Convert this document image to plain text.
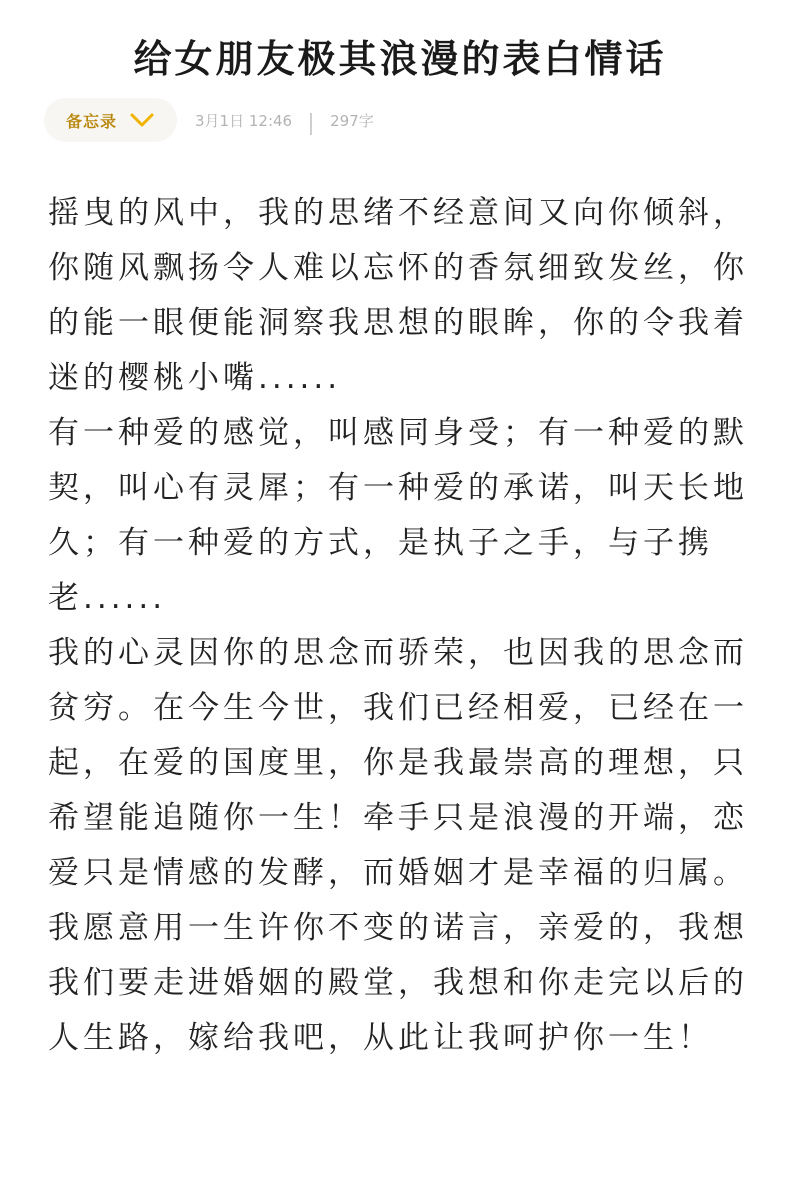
给女朋友极其浪漫的表白情话
备忘录	3月1日 12:46	297字

摇曳的风中，我的思绪不经意间又向你倾斜，你随风飘扬令人难以忘怀的香氛细致发丝，你的能一眼便能洞察我思想的眼眸，你的令我着迷的樱桃小嘴......

有一种爱的感觉，叫感同身受；有一种爱的默契，叫心有灵犀；有一种爱的承诺，叫天长地久；有一种爱的方式，是执子之手，与子携老......

我的心灵因你的思念而骄荣，也因我的思念而贫穷。在今生今世，我们已经相爱，已经在一起，在爱的国度里，你是我最崇高的理想，只希望能追随你一生！牵手只是浪漫的开端，恋爱只是情感的发酵，而婚姻才是幸福的归属。我愿意用一生许你不变的诺言，亲爱的，我想我们要走进婚姻的殿堂，我想和你走完以后的人生路，嫁给我吧，从此让我呵护你一生！
